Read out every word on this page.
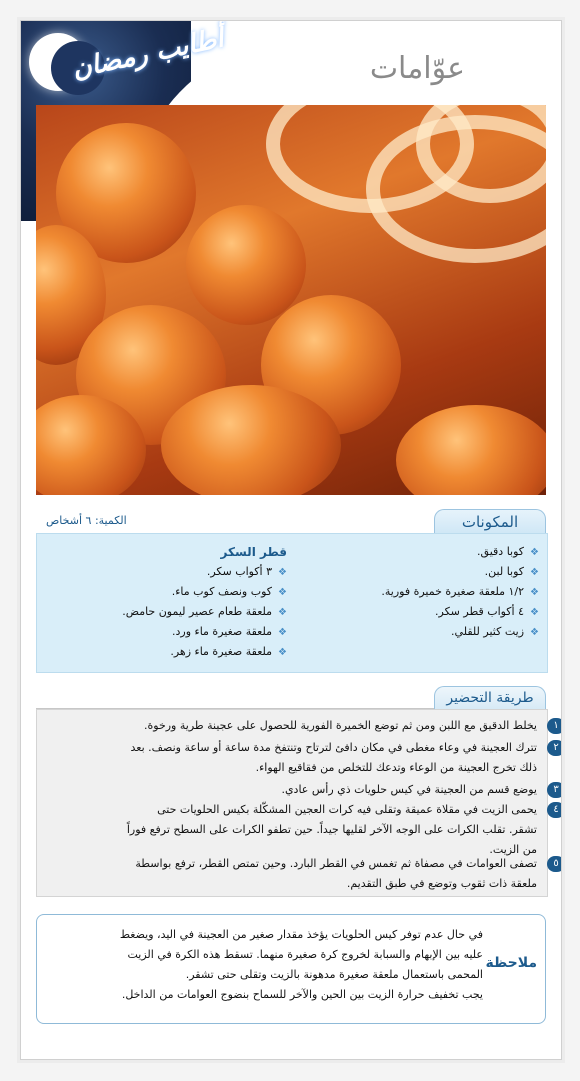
أطايب رمضان	عوّامات
الكمية: ٦ أشخاص	المكونات
❖كوبا دقيق.
❖كوبا لبن.
❖١/٢ ملعقة صغيرة خميرة فورية.
❖٤ أكواب قطر سكر.
❖زيت كثير للقلي.
قطر السكر
❖٣ أكواب سكر.
❖كوب ونصف كوب ماء.
❖ملعقة طعام عصير ليمون حامض.
❖ملعقة صغيرة ماء ورد.
❖ملعقة صغيرة ماء زهر.
طريقة التحضير
١
يخلط الدقيق مع اللبن ومن ثم توضع الخميرة الفورية للحصول على عجينة طرية ورخوة.
٢
تترك العجينة في وعاء مغطى في مكان دافئ لترتاح وتنتفخ مدة ساعة أو ساعة ونصف. بعد
ذلك تخرج العجينة من الوعاء وتدعك للتخلص من فقاقيع الهواء.
٣
يوضع قسم من العجينة في كيس حلويات ذي رأس عادي.
٤
يحمى الزيت في مقلاة عميقة وتقلى فيه كرات العجين المشكّلة بكيس الحلويات حتى
تشقر. تقلب الكرات على الوجه الآخر لقليها جيداً. حين تطفو الكرات على السطح ترفع فوراً
من الزيت.
٥
تصفى العوامات في مصفاة ثم تغمس في القطر البارد. وحين تمتص القطر، ترفع بواسطة
ملعقة ذات ثقوب وتوضع في طبق التقديم.
ملاحظة
في حال عدم توفر كيس الحلويات يؤخذ مقدار صغير من العجينة في اليد، ويضغط
عليه بين الإبهام والسبابة لخروج كرة صغيرة منهما. تسقط هذه الكرة في الزيت
المحمى باستعمال ملعقة صغيرة مدهونة بالزيت وتقلى حتى تشقر.
يجب تخفيف حرارة الزيت بين الحين والآخر للسماح بنضوج العوامات من الداخل.
